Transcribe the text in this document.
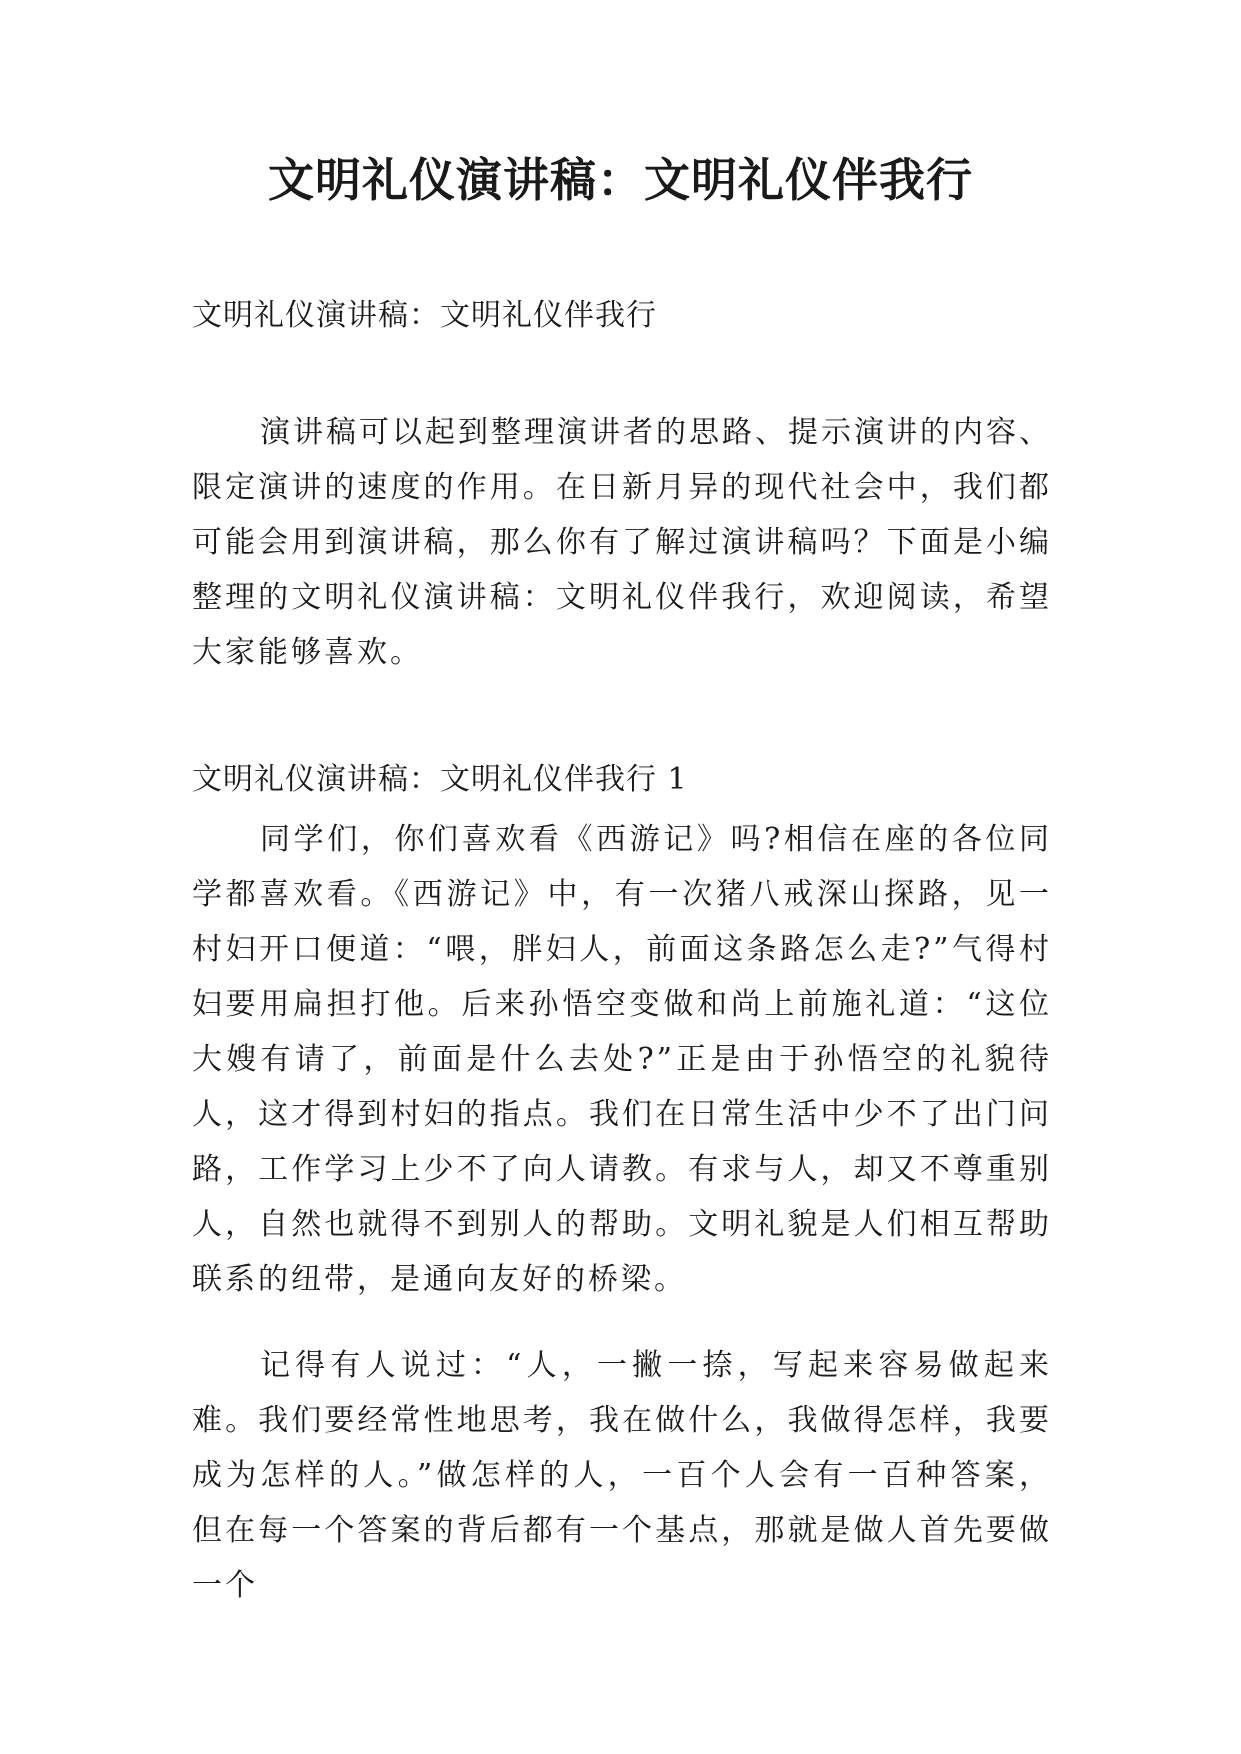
文明礼仪演讲稿：文明礼仪伴我行

文明礼仪演讲稿：文明礼仪伴我行

演讲稿可以起到整理演讲者的思路、提示演讲的内容、限定演讲的速度的作用。在日新月异的现代社会中，我们都可能会用到演讲稿，那么你有了解过演讲稿吗？下面是小编整理的文明礼仪演讲稿：文明礼仪伴我行，欢迎阅读，希望大家能够喜欢。

文明礼仪演讲稿：文明礼仪伴我行 1

同学们，你们喜欢看《西游记》吗?相信在座的各位同学都喜欢看。《西游记》中，有一次猪八戒深山探路，见一村妇开口便道：“喂，胖妇人，前面这条路怎么走?”气得村妇要用扁担打他。后来孙悟空变做和尚上前施礼道：“这位大嫂有请了，前面是什么去处?”正是由于孙悟空的礼貌待人，这才得到村妇的指点。我们在日常生活中少不了出门问路，工作学习上少不了向人请教。有求与人，却又不尊重别人，自然也就得不到别人的帮助。文明礼貌是人们相互帮助联系的纽带，是通向友好的桥梁。

记得有人说过：“人，一撇一捺，写起来容易做起来难。我们要经常性地思考，我在做什么，我做得怎样，我要成为怎样的人。”做怎样的人，一百个人会有一百种答案，但在每一个答案的背后都有一个基点，那就是做人首先要做一个
